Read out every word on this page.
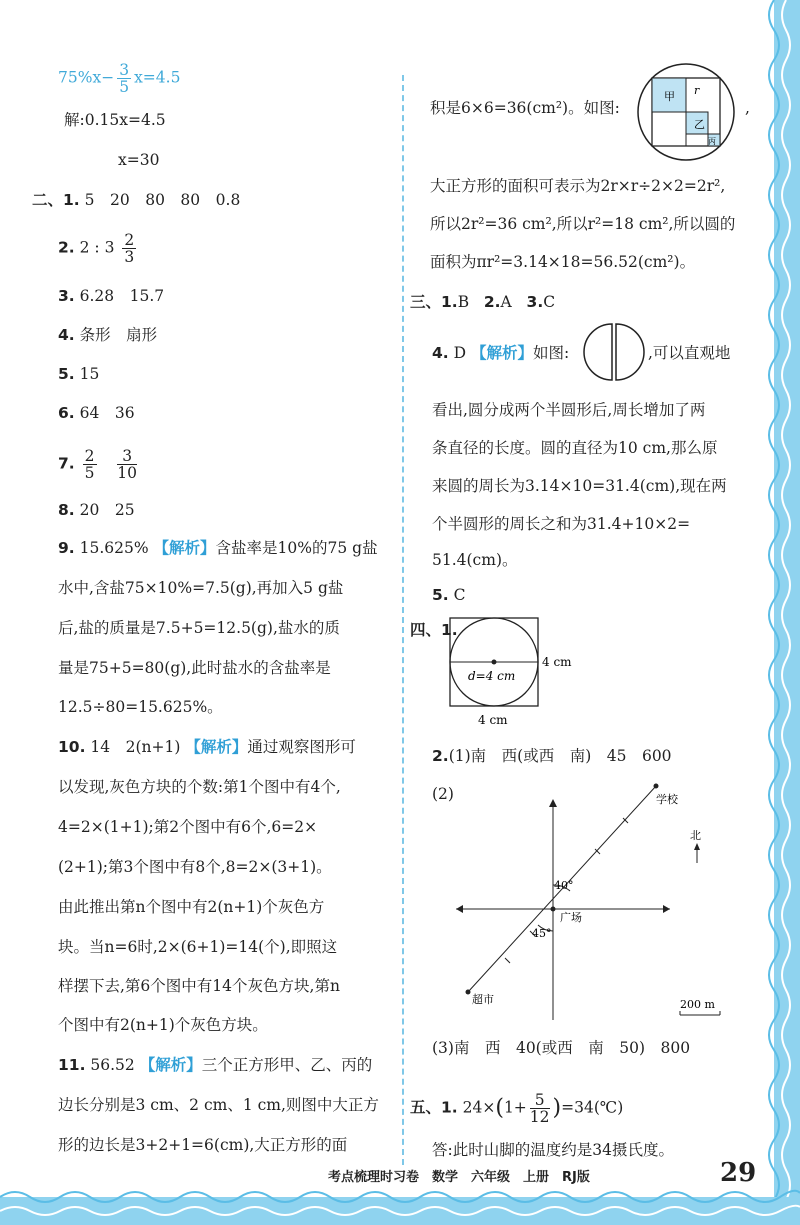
$75\%x- \frac{3}{5} x=4.5$
解:0.15x=4.5
x=30
二、1. 5　20　80　80　0.8
2. 2 : $3 \frac{2}{3}$
3. 6.28　15.7
4. 条形　扇形
5. 15
6. 64　36
7. $\frac{2}{5}$
$\frac{3}{10}$
8. 20　25
9. 15.625% 【解析】含盐率是10%的75 g盐
水中,含盐75×10%=7.5(g),再加入5 g盐
后,盐的质量是7.5+5=12.5(g),盐水的质
量是75+5=80(g),此时盐水的含盐率是
12.5÷80=15.625%。
10. 14　2(n+1) 【解析】通过观察图形可
以发现,灰色方块的个数:第1个图中有4个,
4=2×(1+1);第2个图中有6个,6=2×
(2+1);第3个图中有8个,8=2×(3+1)。
由此推出第n个图中有2(n+1)个灰色方
块。当n=6时,2×(6+1)=14(个),即照这
样摆下去,第6个图中有14个灰色方块,第n
个图中有2(n+1)个灰色方块。
11. 56.52 【解析】三个正方形甲、乙、丙的
边长分别是3 cm、2 cm、1 cm,则图中大正方
形的边长是3+2+1=6(cm),大正方形的面
积是6×6=36(cm²)。如图:
甲
乙
丙
r
,
大正方形的面积可表示为2r×r÷2×2=2r²,
所以2r²=36 cm²,所以r²=18 cm²,所以圆的
面积为πr²=3.14×18=56.52(cm²)。
三、1.B 2.A 3.C
4. D 【解析】如图:	,可以直观地
看出,圆分成两个半圆形后,周长增加了两
条直径的长度。圆的直径为10 cm,那么原
来圆的周长为3.14×10=31.4(cm),现在两
个半圆形的周长之和为31.4+10×2=
51.4(cm)。
5. C
四、1.
4 cm
d=4 cm
4 cm
2.(1)南　西(或西　南)　45　600
(2)	学校
北
广场
超市
40°
45°
200 m
(3)南　西　40(或西　南　50)　800
五、1. $24\times(1+ \frac{5}{12}$ )=34(℃)
答:此时山脚的温度约是34摄氏度。
考点梳理时习卷　数学　六年级　上册　RJ版	29
